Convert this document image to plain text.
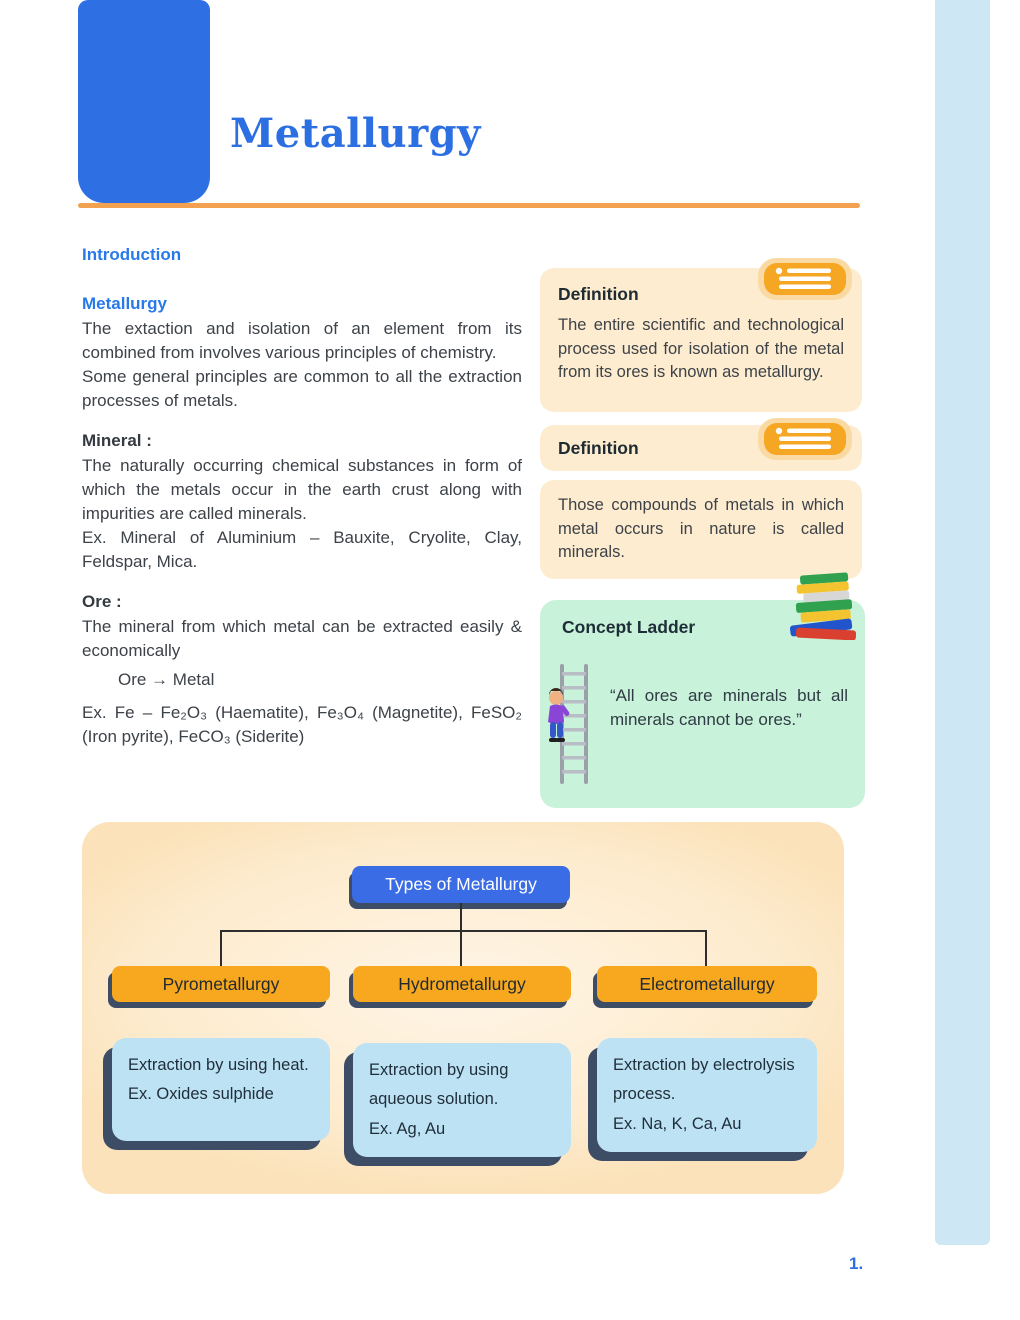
Metallurgy
Introduction
Metallurgy

The extaction and isolation of an element from its combined from involves various principles of chemistry.

Some general principles are common to all the extraction processes of metals.

Mineral :

The naturally occurring chemical substances in form of which the metals occur in the earth crust along with impurities are called minerals.

Ex. Mineral of Aluminium – Bauxite, Cryolite, Clay, Feldspar, Mica.

Ore :

The mineral from which metal can be extracted easily & economically

Ore → Metal

Ex. Fe – Fe₂O₃ (Haematite), Fe₃O₄ (Magnetite), FeSO₂ (Iron pyrite), FeCO₃ (Siderite)

Definition

The entire scientific and technological process used for isolation of the metal from its ores is known as metallurgy.

Definition

Those compounds of metals in which metal occurs in nature is called minerals.

Concept Ladder

“All ores are minerals but all minerals cannot be ores.”

Types of Metallurgy
Pyrometallurgy	Hydrometallurgy	Electrometallurgy
Extraction by using heat.
Ex. Oxides sulphide
Extraction by using aqueous solution.
Ex. Ag, Au
Extraction by electrolysis process.
Ex. Na, K, Ca, Au
1.
